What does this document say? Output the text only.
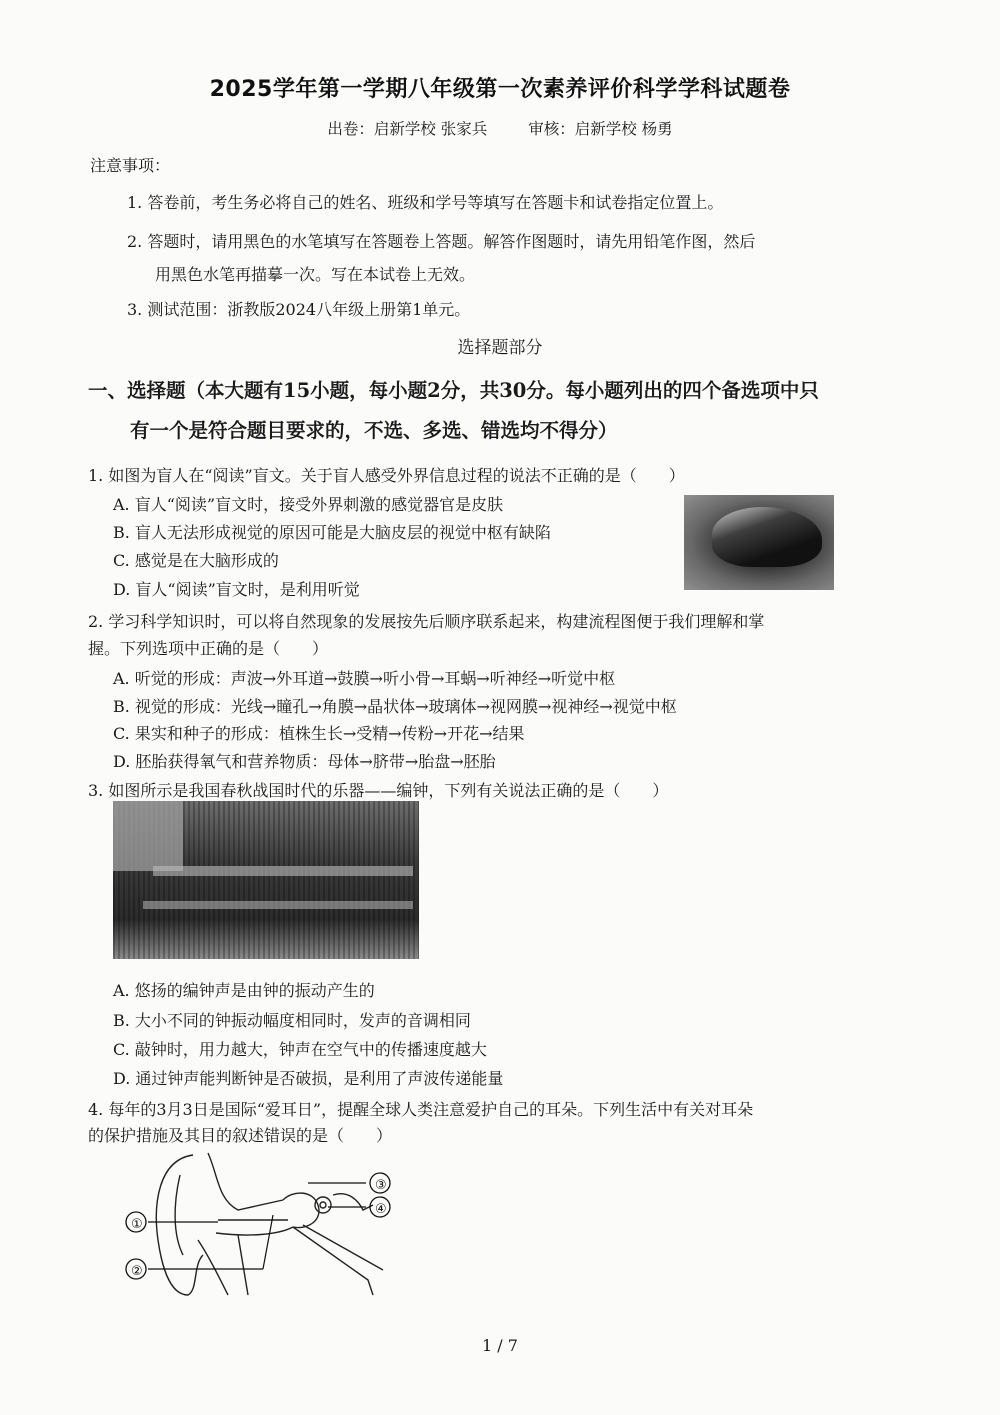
2025学年第一学期八年级第一次素养评价科学学科试题卷
出卷：启新学校 张家兵	审核：启新学校 杨勇
注意事项：
1. 答卷前，考生务必将自己的姓名、班级和学号等填写在答题卡和试卷指定位置上。
2. 答题时，请用黑色的水笔填写在答题卷上答题。解答作图题时，请先用铅笔作图，然后
用黑色水笔再描摹一次。写在本试卷上无效。
3. 测试范围：浙教版2024八年级上册第1单元。
选择题部分
一、选择题（本大题有15小题，每小题2分，共30分。每小题列出的四个备选项中只
有一个是符合题目要求的，不选、多选、错选均不得分）
1. 如图为盲人在“阅读”盲文。关于盲人感受外界信息过程的说法不正确的是（　　）
A. 盲人“阅读”盲文时，接受外界刺激的感觉器官是皮肤
B. 盲人无法形成视觉的原因可能是大脑皮层的视觉中枢有缺陷
C. 感觉是在大脑形成的
D. 盲人“阅读”盲文时，是利用听觉
2. 学习科学知识时，可以将自然现象的发展按先后顺序联系起来，构建流程图便于我们理解和掌
握。下列选项中正确的是（　　）
A. 听觉的形成：声波→外耳道→鼓膜→听小骨→耳蜗→听神经→听觉中枢
B. 视觉的形成：光线→瞳孔→角膜→晶状体→玻璃体→视网膜→视神经→视觉中枢
C. 果实和种子的形成：植株生长→受精→传粉→开花→结果
D. 胚胎获得氧气和营养物质：母体→脐带→胎盘→胚胎
3. 如图所示是我国春秋战国时代的乐器——编钟，下列有关说法正确的是（　　）
A. 悠扬的编钟声是由钟的振动产生的
B. 大小不同的钟振动幅度相同时，发声的音调相同
C. 敲钟时，用力越大，钟声在空气中的传播速度越大
D. 通过钟声能判断钟是否破损，是利用了声波传递能量
4. 每年的3月3日是国际“爱耳日”，提醒全球人类注意爱护自己的耳朵。下列生活中有关对耳朵
的保护措施及其目的叙述错误的是（　　）
①
②
③
④
1 / 7
